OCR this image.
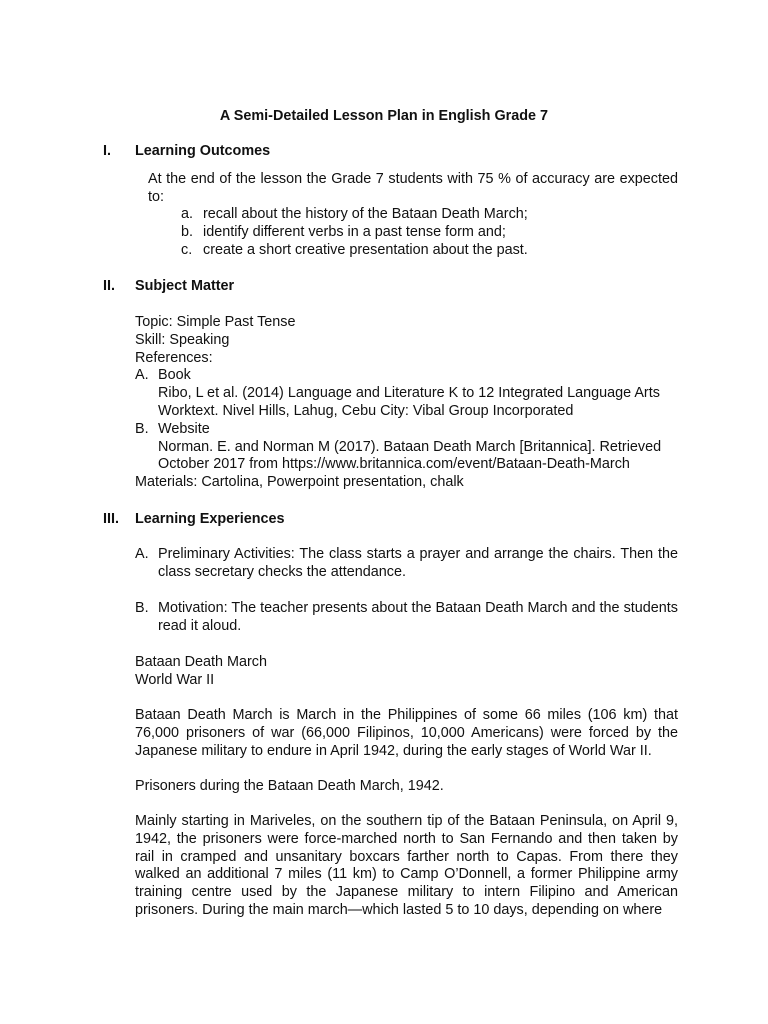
A Semi-Detailed Lesson Plan in English Grade 7
I. Learning Outcomes

At the end of the lesson the Grade 7 students with 75 % of accuracy are expected to:

a. recall about the history of the Bataan Death March;
b. identify different verbs in a past tense form and;
c. create a short creative presentation about the past.
II. Subject Matter

Topic: Simple Past Tense

Skill: Speaking

References:

A. Book
Ribo, L et al. (2014) Language and Literature K to 12 Integrated Language Arts Worktext. Nivel Hills, Lahug, Cebu City: Vibal Group Incorporated
B. Website
Norman. E. and Norman M (2017). Bataan Death March [Britannica]. Retrieved October 2017 from https://www.britannica.com/event/Bataan-Death-March

Materials: Cartolina, Powerpoint presentation, chalk

III. Learning Experiences
A. Preliminary Activities: The class starts a prayer and arrange the chairs. Then the class secretary checks the attendance.
B. Motivation: The teacher presents about the Bataan Death March and the students read it aloud.

Bataan Death March

World War II

Bataan Death March is March in the Philippines of some 66 miles (106 km) that 76,000 prisoners of war (66,000 Filipinos, 10,000 Americans) were forced by the Japanese military to endure in April 1942, during the early stages of World War II.

Prisoners during the Bataan Death March, 1942.

Mainly starting in Mariveles, on the southern tip of the Bataan Peninsula, on April 9, 1942, the prisoners were force-marched north to San Fernando and then taken by rail in cramped and unsanitary boxcars farther north to Capas. From there they walked an additional 7 miles (11 km) to Camp O’Donnell, a former Philippine army training centre used by the Japanese military to intern Filipino and American prisoners. During the main march—which lasted 5 to 10 days, depending on where
